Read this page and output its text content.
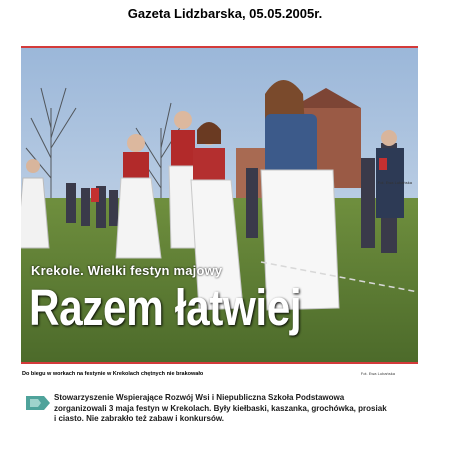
Gazeta Lidzbarska, 05.05.2005r.
Fot. Ewa Lubańska
Krekole. Wielki festyn majowy
Razem łatwiej
Do biegu w workach na festynie w Krekolach chętnych nie brakowało	Fot. Ewa Lubańska
Stowarzyszenie Wspierające Rozwój Wsi i Niepubliczna Szkoła Podstawowa zorganizowali 3 maja festyn w Krekolach. Były kiełbaski, kaszanka, grochówka, prosiak i ciasto. Nie zabrakło też zabaw i konkursów.
